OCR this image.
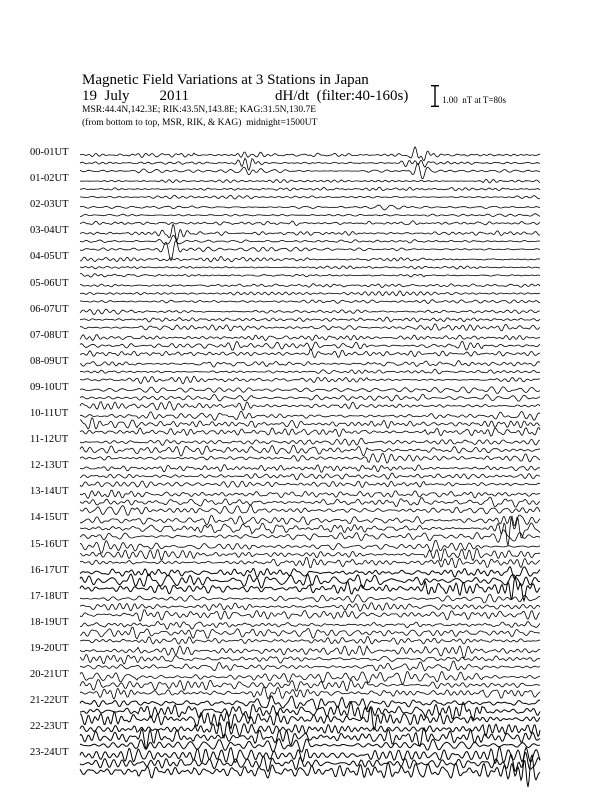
Magnetic Field Variations at 3 Stations in Japan
19  July        2011	dH/dt  (filter:40-160s)
MSR:44.4N,142.3E; RIK:43.5N,143.8E; KAG:31.5N,130.7E
(from bottom to top, MSR, RIK, & KAG)  midnight=1500UT
1.00  nT at T=80s
00-01UT
01-02UT
02-03UT
03-04UT
04-05UT
05-06UT
06-07UT
07-08UT
08-09UT
09-10UT
10-11UT
11-12UT
12-13UT
13-14UT
14-15UT
15-16UT
16-17UT
17-18UT
18-19UT
19-20UT
20-21UT
21-22UT
22-23UT
23-24UT
